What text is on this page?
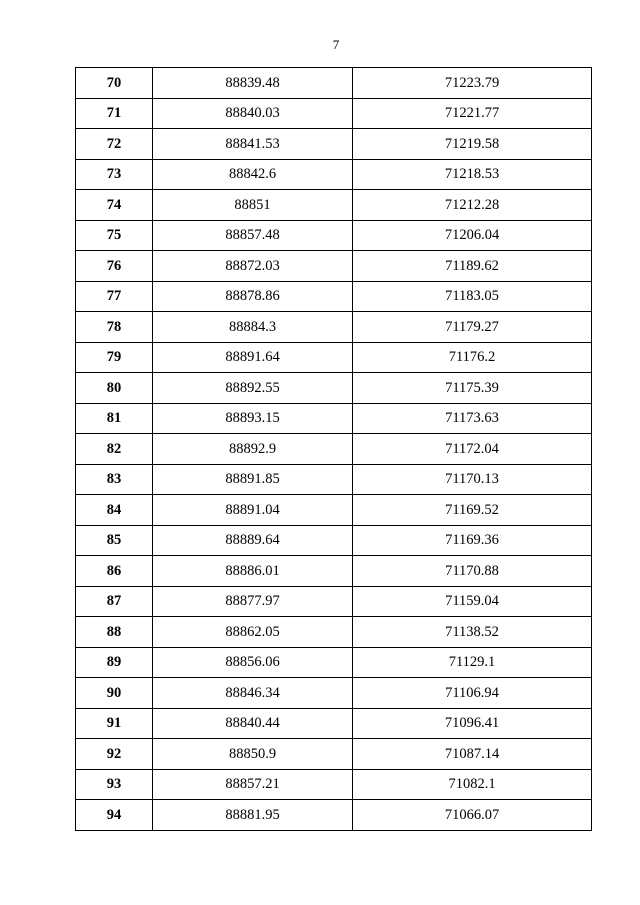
7
70	88839.48	71223.79
71	88840.03	71221.77
72	88841.53	71219.58
73	88842.6	71218.53
74	88851	71212.28
75	88857.48	71206.04
76	88872.03	71189.62
77	88878.86	71183.05
78	88884.3	71179.27
79	88891.64	71176.2
80	88892.55	71175.39
81	88893.15	71173.63
82	88892.9	71172.04
83	88891.85	71170.13
84	88891.04	71169.52
85	88889.64	71169.36
86	88886.01	71170.88
87	88877.97	71159.04
88	88862.05	71138.52
89	88856.06	71129.1
90	88846.34	71106.94
91	88840.44	71096.41
92	88850.9	71087.14
93	88857.21	71082.1
94	88881.95	71066.07
